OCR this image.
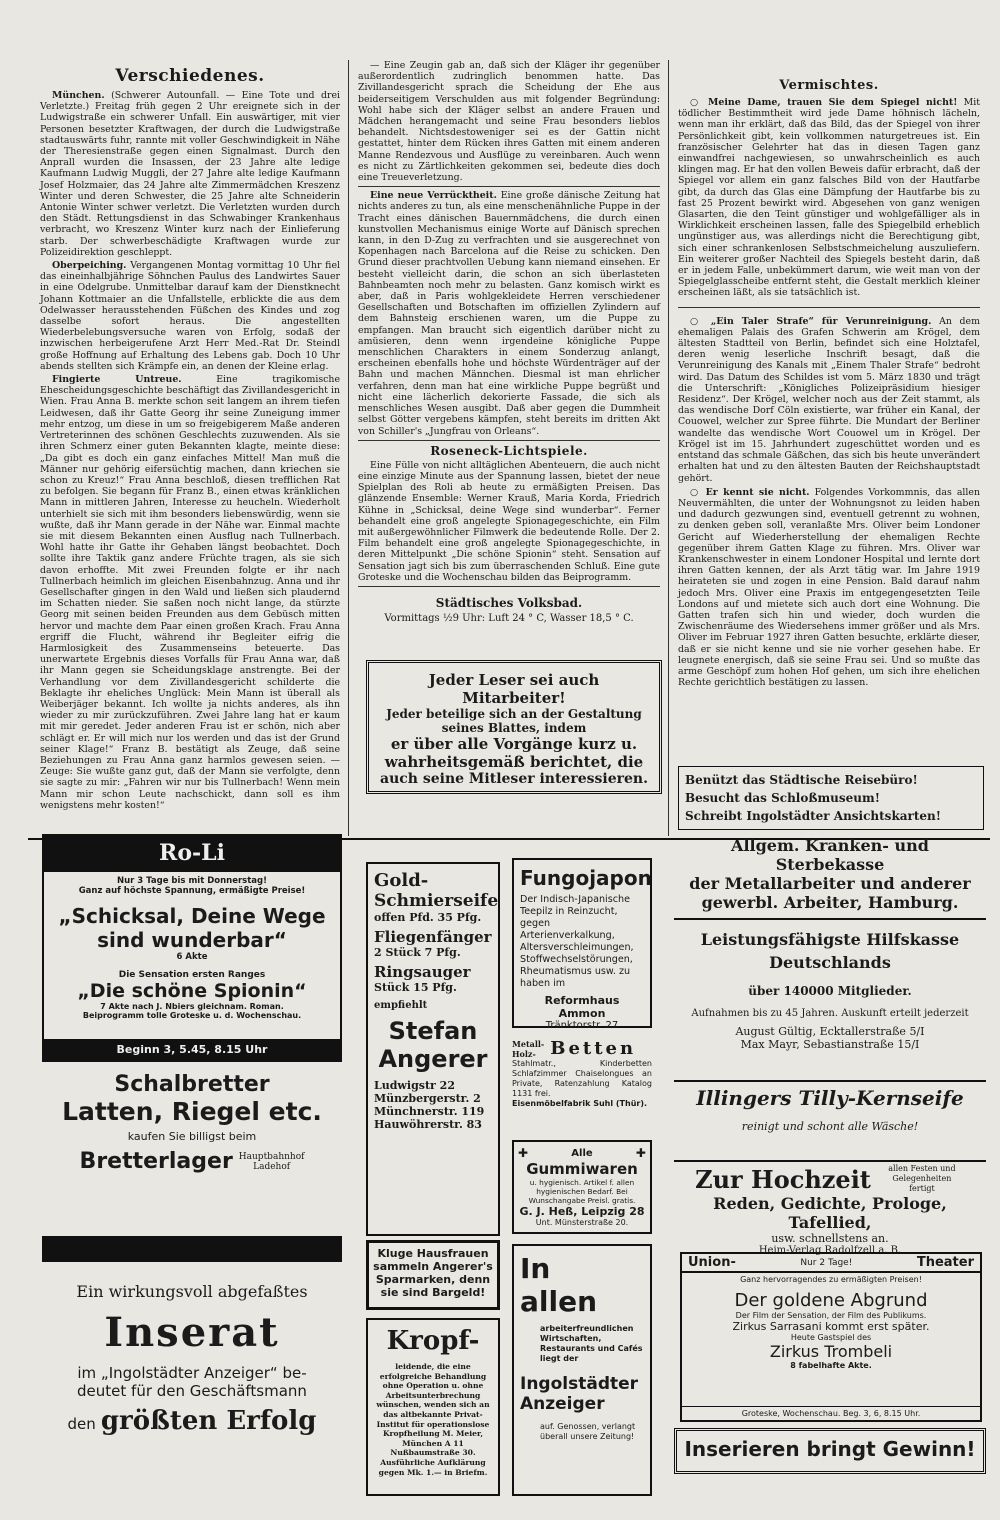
Verschiedenes.

München. (Schwerer Autounfall. — Eine Tote und drei Verletzte.) Freitag früh gegen 2 Uhr ereignete sich in der Ludwigstraße ein schwerer Unfall. Ein auswärtiger, mit vier Personen besetzter Kraftwagen, der durch die Ludwigstraße stadtauswärts fuhr, rannte mit voller Geschwindigkeit in Nähe der Theresienstraße gegen einen Signalmast. Durch den Anprall wurden die Insassen, der 23 Jahre alte ledige Kaufmann Ludwig Muggli, der 27 Jahre alte ledige Kaufmann Josef Holzmaier, das 24 Jahre alte Zimmermädchen Kreszenz Winter und deren Schwester, die 25 Jahre alte Schneiderin Antonie Winter schwer verletzt. Die Verletzten wurden durch den Städt. Rettungsdienst in das Schwabinger Krankenhaus verbracht, wo Kreszenz Winter kurz nach der Einlieferung starb. Der schwerbeschädigte Kraftwagen wurde zur Polizeidirektion geschleppt.

Oberpeiching. Vergangenen Montag vormittag 10 Uhr fiel das eineinhalbjährige Söhnchen Paulus des Landwirtes Sauer in eine Odelgrube. Unmittelbar darauf kam der Dienstknecht Johann Kottmaier an die Unfallstelle, erblickte die aus dem Odelwasser herausstehenden Füßchen des Kindes und zog dasselbe sofort heraus. Die angestellten Wiederbelebungsversuche waren von Erfolg, sodaß der inzwischen herbeigerufene Arzt Herr Med.-Rat Dr. Steindl große Hoffnung auf Erhaltung des Lebens gab. Doch 10 Uhr abends stellten sich Krämpfe ein, an denen der Kleine erlag.

Fingierte Untreue.	Eine tragikomische Ehescheidungsgeschichte beschäftigt das Zivillandesgericht in Wien. Frau Anna B. merkte schon seit langem an ihrem tiefen Leidwesen, daß ihr Gatte Georg ihr seine Zuneigung immer mehr entzog, um diese in um so freigebigerem Maße anderen Vertreterinnen des schönen Geschlechts zuzuwenden. Als sie ihren Schmerz einer guten Bekannten klagte, meinte diese: „Da gibt es doch ein ganz einfaches Mittel! Man muß die Männer nur gehörig eifersüchtig machen, dann kriechen sie schon zu Kreuz!“ Frau Anna beschloß, diesen trefflichen Rat zu befolgen. Sie begann für Franz B., einen etwas kränklichen Mann in mittleren Jahren, Interesse zu heucheln. Wiederholt unterhielt sie sich mit ihm besonders liebenswürdig, wenn sie wußte, daß ihr Mann gerade in der Nähe war. Einmal machte sie mit diesem Bekannten einen Ausflug nach Tullnerbach. Wohl hatte ihr Gatte ihr Gehaben längst beobachtet. Doch sollte ihre Taktik ganz andere Früchte tragen, als sie sich davon erhoffte. Mit zwei Freunden folgte er ihr nach Tullnerbach heimlich im gleichen Eisenbahnzug. Anna und ihr Gesellschafter gingen in den Wald und ließen sich plaudernd im Schatten nieder. Sie saßen noch nicht lange, da stürzte Georg mit seinen beiden Freunden aus dem Gebüsch mitten hervor und machte dem Paar einen großen Krach. Frau Anna ergriff die Flucht, während ihr Begleiter eifrig die Harmlosigkeit des Zusammenseins beteuerte. Das unerwartete Ergebnis dieses Vorfalls für Frau Anna war, daß ihr Mann gegen sie Scheidungsklage anstrengte. Bei der Verhandlung vor dem Zivillandesgericht schilderte die Beklagte ihr eheliches Unglück: Mein Mann ist überall als Weiberjäger bekannt. Ich wollte ja nichts anderes, als ihn wieder zu mir zurückzuführen. Zwei Jahre lang hat er kaum mit mir geredet. Jeder anderen Frau ist er schön, nich aber schlägt er. Er will mich nur los werden und das ist der Grund seiner Klage!“ Franz B. bestätigt als Zeuge, daß seine Beziehungen zu Frau Anna ganz harmlos gewesen seien. — Zeuge: Sie wußte ganz gut, daß der Mann sie verfolgte, denn sie sagte zu mir: „Fahren wir nur bis Tullnerbach! Wenn mein Mann mir schon Leute nachschickt, dann soll es ihm wenigstens mehr kosten!“

— Eine Zeugin gab an, daß sich der Kläger ihr gegenüber außerordentlich zudringlich benommen hatte. Das Zivillandesgericht sprach die Scheidung der Ehe aus beiderseitigem Verschulden aus mit folgender Begründung: Wohl habe sich der Kläger selbst an andere Frauen und Mädchen herangemacht und seine Frau besonders lieblos behandelt. Nichtsdestoweniger sei es der Gattin nicht gestattet, hinter dem Rücken ihres Gatten mit einem anderen Manne Rendezvous und Ausflüge zu vereinbaren. Auch wenn es nicht zu Zärtlichkeiten gekommen sei, bedeute dies doch eine Treueverletzung.

Eine neue Verrücktheit. Eine große dänische Zeitung hat nichts anderes zu tun, als eine menschenähnliche Puppe in der Tracht eines dänischen Bauernmädchens, die durch einen kunstvollen Mechanismus einige Worte auf Dänisch sprechen kann, in den D-Zug zu verfrachten und sie ausgerechnet von Kopenhagen nach Barcelona auf die Reise zu schicken. Den Grund dieser prachtvollen Uebung kann niemand einsehen. Er besteht vielleicht darin, die schon an sich überlasteten Bahnbeamten noch mehr zu belasten. Ganz komisch wirkt es aber, daß in Paris wohlgekleidete Herren verschiedener Gesellschaften und Botschaften im offiziellen Zylindern auf dem Bahnsteig erschienen waren, um die Puppe zu empfangen. Man braucht sich eigentlich darüber nicht zu amüsieren, denn wenn irgendeine königliche Puppe menschlichen Charakters in einem Sonderzug anlangt, erscheinen ebenfalls hohe und höchste Würdenträger auf der Bahn und machen Männchen. Diesmal ist man ehrlicher verfahren, denn man hat eine wirkliche Puppe begrüßt und nicht eine lächerlich dekorierte Fassade, die sich als menschliches Wesen ausgibt. Daß aber gegen die Dummheit selbst Götter vergebens kämpfen, steht bereits im dritten Akt von Schiller's „Jungfrau von Orleans“.

Roseneck-Lichtspiele.

Eine Fülle von nicht alltäglichen Abenteuern, die auch nicht eine einzige Minute aus der Spannung lassen, bietet der neue Spielplan des Roli ab heute zu ermäßigten Preisen. Das glänzende Ensemble: Werner Krauß, Maria Korda, Friedrich Kühne in „Schicksal, deine Wege sind wunderbar“. Ferner behandelt eine groß angelegte Spionagegeschichte, ein Film mit außergewöhnlicher Filmwerk die bedeutende Rolle. Der 2. Film behandelt eine groß angelegte Spionagegeschichte, in deren Mittelpunkt „Die schöne Spionin“ steht. Sensation auf Sensation jagt sich bis zum überraschenden Schluß. Eine gute Groteske und die Wochenschau bilden das Beiprogramm.

Städtisches Volksbad.
Vormittags ½9 Uhr: Luft 24 ° C, Wasser 18,5 ° C.
Jeder Leser sei auch Mitarbeiter!
Jeder beteilige sich an der Gestaltung seines Blattes, indem
er über alle Vorgänge kurz u.
wahrheitsgemäß berichtet, die
auch seine Mitleser interessieren.
Vermischtes.

○ Meine Dame, trauen Sie dem Spiegel nicht! Mit tödlicher Bestimmtheit wird jede Dame höhnisch lächeln, wenn man ihr erklärt, daß das Bild, das der Spiegel von ihrer Persönlichkeit gibt, kein vollkommen naturgetreues ist. Ein französischer Gelehrter hat das in diesen Tagen ganz einwandfrei nachgewiesen, so unwahrscheinlich es auch klingen mag. Er hat den vollen Beweis dafür erbracht, daß der Spiegel vor allem ein ganz falsches Bild von der Hautfarbe gibt, da durch das Glas eine Dämpfung der Hautfarbe bis zu fast 25 Prozent bewirkt wird. Abgesehen von ganz wenigen Glasarten, die den Teint günstiger und wohlgefälliger als in Wirklichkeit erscheinen lassen, falle des Spiegelbild erheblich ungünstiger aus, was allerdings nicht die Berechtigung gibt, sich einer schrankenlosen Selbstschmeichelung auszuliefern. Ein weiterer großer Nachteil des Spiegels besteht darin, daß er in jedem Falle, unbekümmert darum, wie weit man von der Spiegelglasscheibe entfernt steht, die Gestalt merklich kleiner erscheinen läßt, als sie tatsächlich ist.

○ „Ein Taler Strafe“ für Verunreinigung. An dem ehemaligen Palais des Grafen Schwerin am Krögel, dem ältesten Stadtteil von Berlin, befindet sich eine Holztafel, deren wenig leserliche Inschrift besagt, daß die Verunreinigung des Kanals mit „Einem Thaler Strafe“ bedroht wird. Das Datum des Schildes ist vom 5. März 1830 und trägt die Unterschrift: „Königliches Polizeipräsidium hiesiger Residenz“. Der Krögel, welcher noch aus der Zeit stammt, als das wendische Dorf Cöln existierte, war früher ein Kanal, der Couowel, welcher zur Spree führte. Die Mundart der Berliner wandelte das wendische Wort Couowel um in Krögel. Der Krögel ist im 15. Jahrhundert zugeschüttet worden und es entstand das schmale Gäßchen, das sich bis heute unverändert erhalten hat und zu den ältesten Bauten der Reichshauptstadt gehört.

○ Er kennt sie nicht. Folgendes Vorkommnis, das allen Neuvermählten, die unter der Wohnungsnot zu leiden haben und dadurch gezwungen sind, eventuell getrennt zu wohnen, zu denken geben soll, veranlaßte Mrs. Oliver beim Londoner Gericht auf Wiederherstellung der ehemaligen Rechte gegenüber ihrem Gatten Klage zu führen. Mrs. Oliver war Krankenschwester in einem Londoner Hospital und lernte dort ihren Gatten kennen, der als Arzt tätig war. Im Jahre 1919 heirateten sie und zogen in eine Pension. Bald darauf nahm jedoch Mrs. Oliver eine Praxis im entgegengesetzten Teile Londons auf und mietete sich auch dort eine Wohnung. Die Gatten trafen sich hin und wieder, doch wurden die Zwischenräume des Wiedersehens immer größer und als Mrs. Oliver im Februar 1927 ihren Gatten besuchte, erklärte dieser, daß er sie nicht kenne und sie nie vorher gesehen habe. Er leugnete energisch, daß sie seine Frau sei. Und so mußte das arme Geschöpf zum hohen Hof gehen, um sich ihre ehelichen Rechte gerichtlich bestätigen zu lassen.

Benützt das Städtische Reisebüro!
Besucht das Schloßmuseum!
Schreibt Ingolstädter Ansichtskarten!
Ro-Li
Nur 3 Tage bis mit Donnerstag!
Ganz auf höchste Spannung, ermäßigte Preise!
„Schicksal, Deine Wege
sind wunderbar“
6 Akte
Die Sensation ersten Ranges
„Die schöne Spionin“
7 Akte nach J. Nbiers gleichnam. Roman.
Beiprogramm tolle Groteske u. d. Wochenschau.
Beginn 3, 5.45, 8.15 Uhr
Schalbretter
Latten, Riegel etc.
kaufen Sie billigst beim
Bretterlager Hauptbahnhof
Ladehof
Ein wirkungsvoll abgefaßtes
Inserat
im „Ingolstädter Anzeiger“ be-
deutet für den Geschäftsmann
den größten Erfolg
Gold-
Schmierseife
offen Pfd. 35 Pfg.
Fliegenfänger
2 Stück 7 Pfg.
Ringsauger
Stück 15 Pfg.
empfiehlt
Stefan
Angerer
Ludwigstr 22
Münzbergerstr. 2
Münchnerstr. 119
Hauwöhrerstr. 83
Kluge Hausfrauen
sammeln Angerer's
Sparmarken, denn
sie sind Bargeld!
Kropf-
leidende, die eine erfolgreiche Behandlung ohne Operation u. ohne Arbeitsunterbrechung wünschen, wenden sich an das altbekannte Privat-Institut für operationslose Kropfheilung M. Meier, München A 11 Nußbaumstraße 30. Ausführliche Aufklärung gegen Mk. 1.— in Briefm.
Fungojapon
Der Indisch-Japanische Teepilz in Reinzucht, gegen Arterienverkalkung, Altersverschleimungen, Stoffwechselstörungen, Rheumatismus usw. zu haben im
Reformhaus Ammon
Tränktorstr. 27
Metall-
Holz- Betten
Stahlmatr., Kinderbetten Schlafzimmer Chaiselongues an Private, Ratenzahlung Katalog 1131 frei.
Eisenmöbelfabrik Suhl (Thür).
✚	Alle	✚
Gummiwaren
u. hygienisch. Artikel f. allen hygienischen Bedarf. Bei Wunschangabe Preisl. gratis.
G. J. Heß, Leipzig 28
Unt. Münsterstraße 20.
In
allen
arbeiterfreundlichen Wirtschaften, Restaurants und Cafés liegt der
Ingolstädter
Anzeiger
auf. Genossen, verlangt überall unsere Zeitung!
Allgem. Kranken- und Sterbekasse
der Metallarbeiter und anderer
gewerbl. Arbeiter, Hamburg.
Leistungsfähigste Hilfskasse
Deutschlands
über 140000 Mitglieder.
Aufnahmen bis zu 45 Jahren. Auskunft erteilt jederzeit
August Gültig, Ecktallerstraße 5/I
Max Mayr, Sebastianstraße 15/I
Illingers Tilly-Kernseife
reinigt und schont alle Wäsche!
Zur Hochzeit	allen Festen und Gelegenheiten fertigt
Reden, Gedichte, Prologe, Tafellied,
usw. schnellstens an.
Heim-Verlag Radolfzell a. B.
Union-	Nur 2 Tage!	Theater
Ganz hervorragendes zu ermäßigten Preisen!
Der goldene Abgrund
Der Film der Sensation, der Film des Publikums.
Zirkus Sarrasani kommt erst später.
Heute Gastspiel des
Zirkus Trombeli
8 fabelhafte Akte.
Groteske, Wochenschau. Beg. 3, 6, 8.15 Uhr.
Inserieren bringt Gewinn!
